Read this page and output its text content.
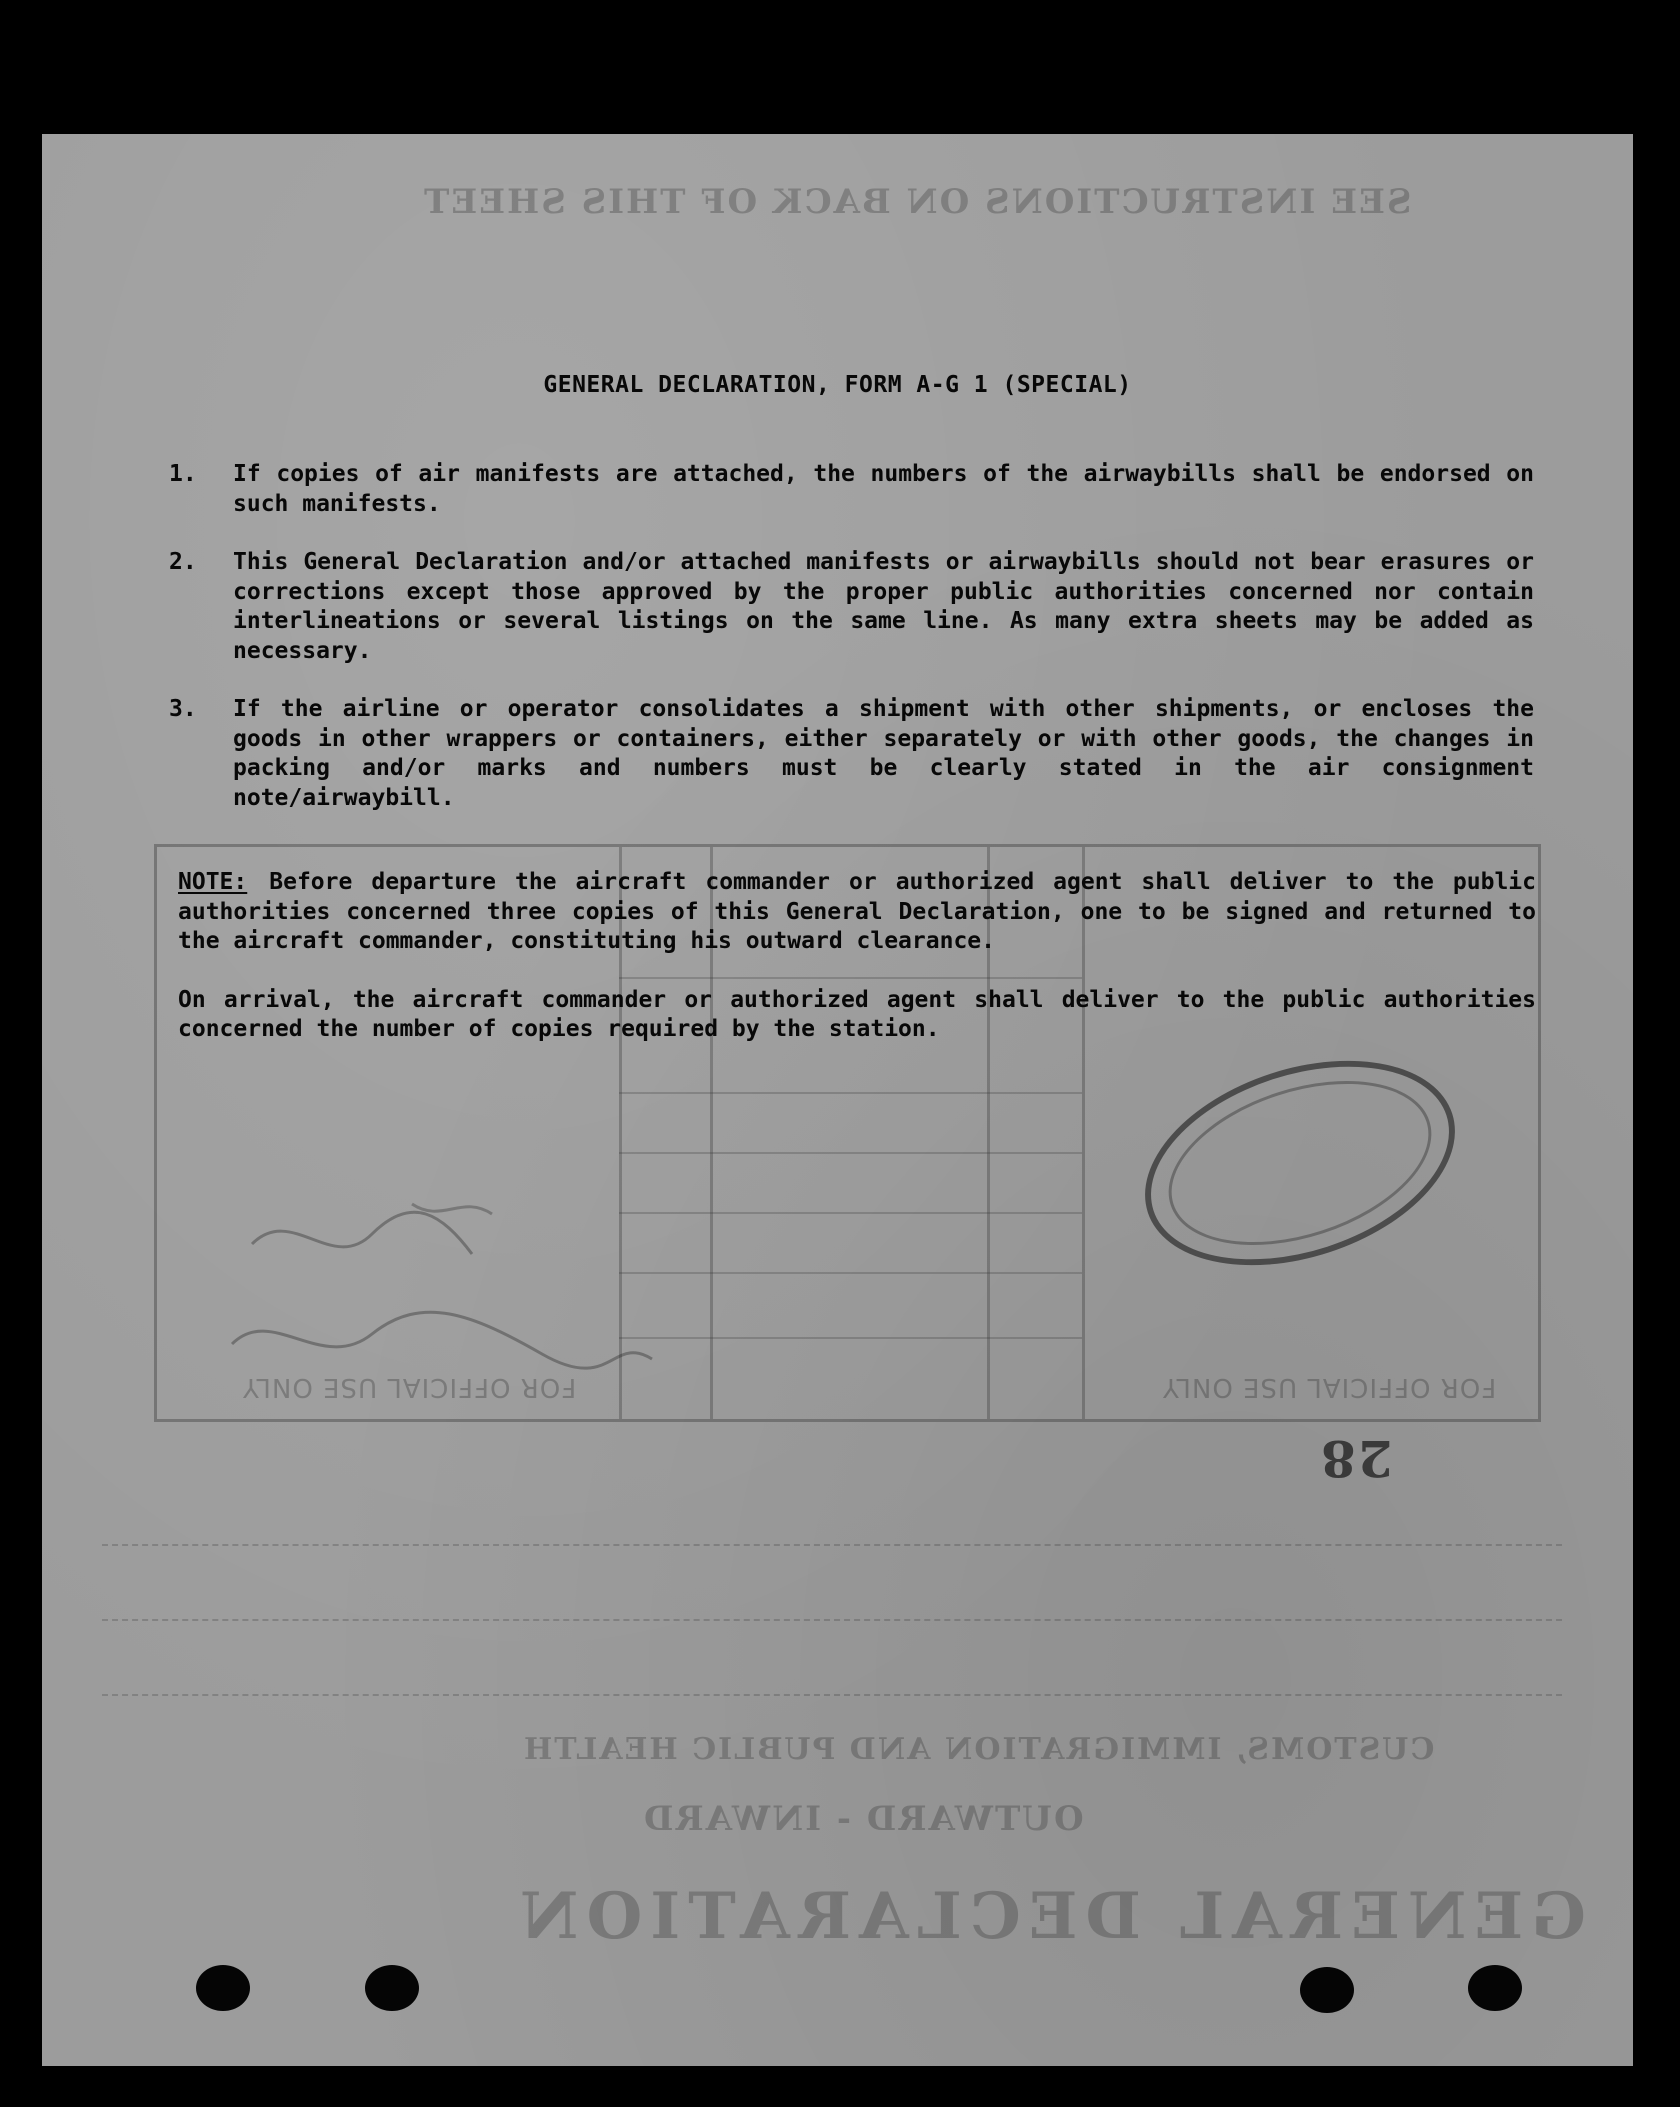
SEE INSTRUCTIONS ON BACK OF THIS SHEET
CUSTOMS, IMMIGRATION AND PUBLIC HEALTH
OUTWARD - INWARD
GENERAL DECLARATION
28
FOR OFFICIAL USE ONLY	FOR OFFICIAL USE ONLY
GENERAL DECLARATION, FORM A-G 1 (SPECIAL)
1.	If copies of air manifests are attached, the numbers of the airwaybills shall be endorsed on such manifests.
2.	This General Declaration and/or attached manifests or airwaybills should not bear erasures or corrections except those approved by the proper public authorities concerned nor contain interlineations or several listings on the same line. As many extra sheets may be added as necessary.
3.	If the airline or operator consolidates a shipment with other shipments, or encloses the goods in other wrappers or containers, either separately or with other goods, the changes in packing and/or marks and numbers must be clearly stated in the air consignment note/airwaybill.

NOTE: Before departure the aircraft commander or authorized agent shall deliver to the public authorities concerned three copies of this General Declaration, one to be signed and returned to the aircraft commander, constituting his outward clearance.

On arrival, the aircraft commander or authorized agent shall deliver to the public authorities concerned the number of copies required by the station.
